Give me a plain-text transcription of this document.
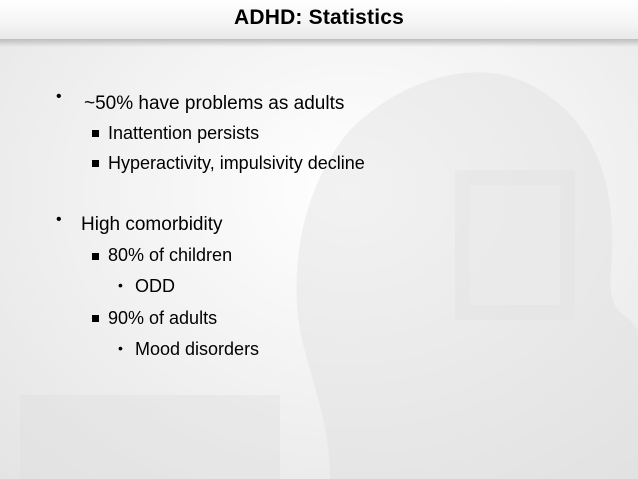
ADHD: Statistics
• ~50% have problems as adults
Inattention persists
Hyperactivity, impulsivity decline
• High comorbidity
80% of children
• ODD
90% of adults
• Mood disorders
